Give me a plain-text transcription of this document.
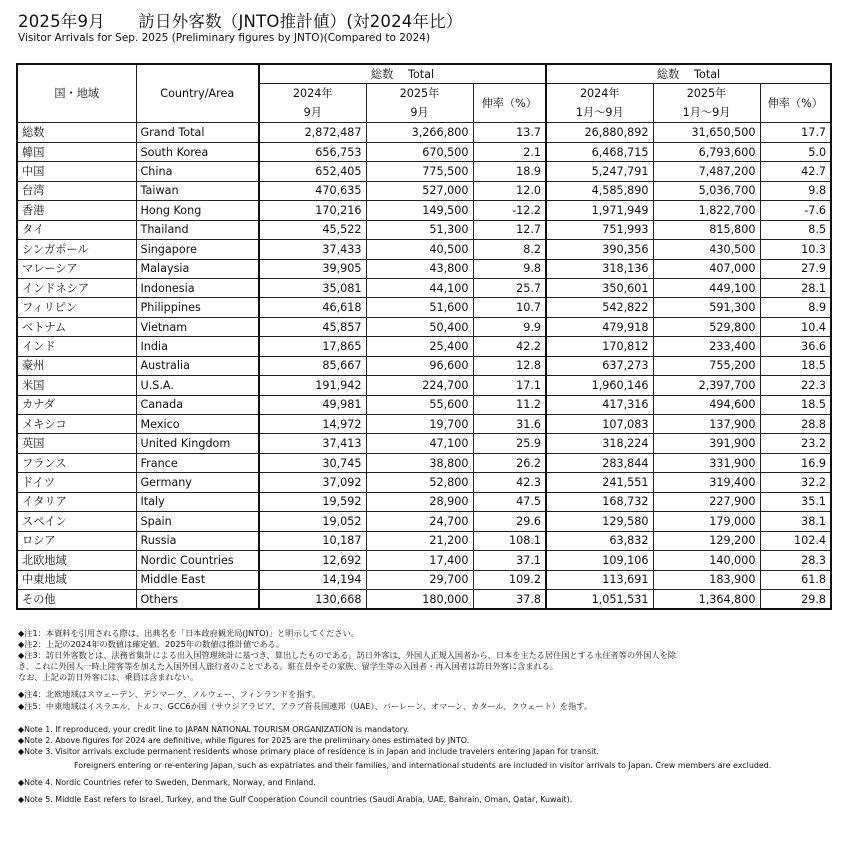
2025年9月　　訪日外客数（JNTO推計値）(対2024年比）
Visitor Arrivals for Sep. 2025 (Preliminary figures by JNTO)(Compared to 2024)
国・地域	Country/Area	総数　 Total			総数　 Total		
		2024年	2025年	伸率（%）	2024年	2025年	伸率（%）
		9月	9月		1月～9月	1月～9月	
総数	Grand Total	2,872,487	3,266,800	13.7	26,880,892	31,650,500	17.7
韓国	South Korea	656,753	670,500	2.1	6,468,715	6,793,600	5.0
中国	China	652,405	775,500	18.9	5,247,791	7,487,200	42.7
台湾	Taiwan	470,635	527,000	12.0	4,585,890	5,036,700	9.8
香港	Hong Kong	170,216	149,500	-12.2	1,971,949	1,822,700	-7.6
タイ	Thailand	45,522	51,300	12.7	751,993	815,800	8.5
シンガポール	Singapore	37,433	40,500	8.2	390,356	430,500	10.3
マレーシア	Malaysia	39,905	43,800	9.8	318,136	407,000	27.9
インドネシア	Indonesia	35,081	44,100	25.7	350,601	449,100	28.1
フィリピン	Philippines	46,618	51,600	10.7	542,822	591,300	8.9
ベトナム	Vietnam	45,857	50,400	9.9	479,918	529,800	10.4
インド	India	17,865	25,400	42.2	170,812	233,400	36.6
豪州	Australia	85,667	96,600	12.8	637,273	755,200	18.5
米国	U.S.A.	191,942	224,700	17.1	1,960,146	2,397,700	22.3
カナダ	Canada	49,981	55,600	11.2	417,316	494,600	18.5
メキシコ	Mexico	14,972	19,700	31.6	107,083	137,900	28.8
英国	United Kingdom	37,413	47,100	25.9	318,224	391,900	23.2
フランス	France	30,745	38,800	26.2	283,844	331,900	16.9
ドイツ	Germany	37,092	52,800	42.3	241,551	319,400	32.2
イタリア	Italy	19,592	28,900	47.5	168,732	227,900	35.1
スペイン	Spain	19,052	24,700	29.6	129,580	179,000	38.1
ロシア	Russia	10,187	21,200	108.1	63,832	129,200	102.4
北欧地域	Nordic Countries	12,692	17,400	37.1	109,106	140,000	28.3
中東地域	Middle East	14,194	29,700	109.2	113,691	183,900	61.8
その他	Others	130,668	180,000	37.8	1,051,531	1,364,800	29.8
◆注1：本資料を引用される際は、出典名を「日本政府観光局(JNTO)」と明示してください。
◆注2：上記の2024年の数値は確定値、2025年の数値は推計値である。
◆注3：訪日外客数とは、法務省集計による出入国管理統計に基づき、算出したものである。訪日外客は、外国人正規入国者から、日本を主たる居住国とする永住者等の外国人を除
き、これに外国人一時上陸客等を加えた入国外国人旅行者のことである。駐在員やその家族、留学生等の入国者・再入国者は訪日外客に含まれる。
なお、上記の訪日外客には、乗員は含まれない。
◆注4：北欧地域はスウェーデン、デンマーク、ノルウェー、フィンランドを指す。
◆注5：中東地域はイスラエル、トルコ、GCC6か国（サウジアラビア、アラブ首長国連邦（UAE）、バーレーン、オマーン、カタール、クウェート）を指す。
◆Note 1. If reproduced, your credit line to JAPAN NATIONAL TOURISM ORGANIZATION is mandatory.
◆Note 2. Above figures for 2024 are definitive, while figures for 2025 are the preliminary ones estimated by JNTO.
◆Note 3. Visitor arrivals exclude permanent residents whose primary place of residence is in Japan and include travelers entering Japan for transit.
Foreigners entering or re-entering Japan, such as expatriates and their families, and international students are included in visitor arrivals to Japan. Crew members are excluded.
◆Note 4. Nordic Countries refer to Sweden, Denmark, Norway, and Finland.
◆Note 5. Middle East refers to Israel, Turkey, and the Gulf Cooperation Council countries (Saudi Arabia, UAE, Bahrain, Oman, Qatar, Kuwait).
